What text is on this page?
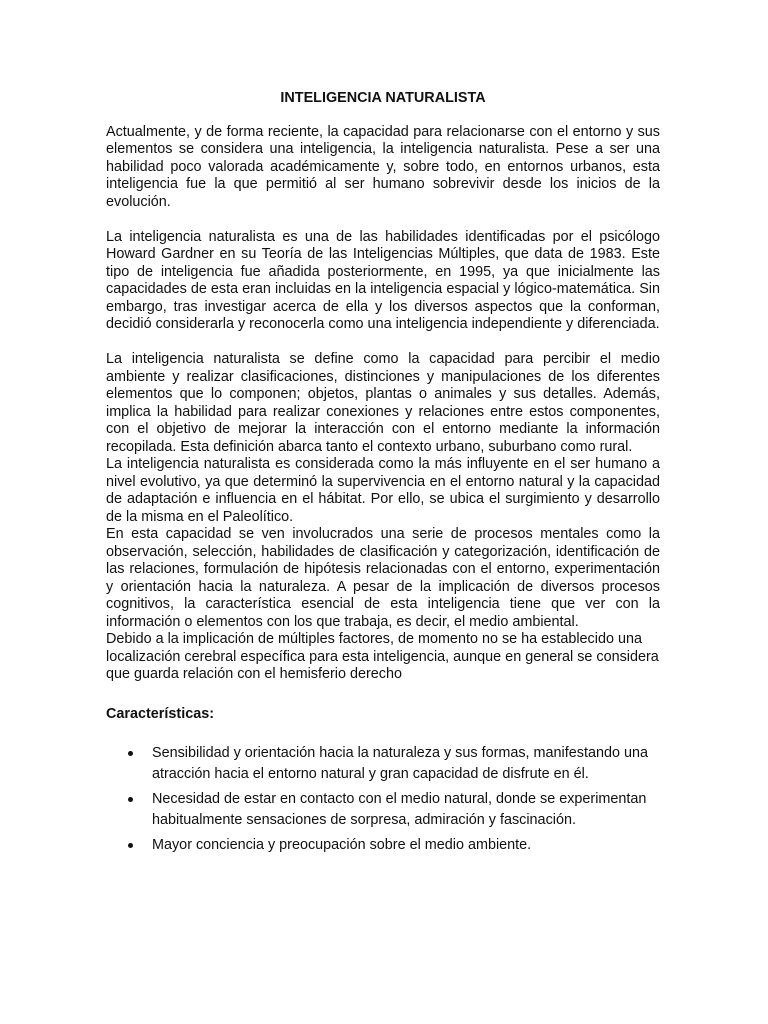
INTELIGENCIA NATURALISTA

Actualmente, y de forma reciente, la capacidad para relacionarse con el entorno y sus elementos se considera una inteligencia, la inteligencia naturalista. Pese a ser una habilidad poco valorada académicamente y, sobre todo, en entornos urbanos, esta inteligencia fue la que permitió al ser humano sobrevivir desde los inicios de la evolución.

La inteligencia naturalista es una de las habilidades identificadas por el psicólogo Howard Gardner en su Teoría de las Inteligencias Múltiples, que data de 1983. Este tipo de inteligencia fue añadida posteriormente, en 1995, ya que inicialmente las capacidades de esta eran incluidas en la inteligencia espacial y lógico-matemática. Sin embargo, tras investigar acerca de ella y los diversos aspectos que la conforman, decidió considerarla y reconocerla como una inteligencia independiente y diferenciada.

La inteligencia naturalista se define como la capacidad para percibir el medio ambiente y realizar clasificaciones, distinciones y manipulaciones de los diferentes elementos que lo componen; objetos, plantas o animales y sus detalles. Además, implica la habilidad para realizar conexiones y relaciones entre estos componentes, con el objetivo de mejorar la interacción con el entorno mediante la información recopilada. Esta definición abarca tanto el contexto urbano, suburbano como rural.

La inteligencia naturalista es considerada como la más influyente en el ser humano a nivel evolutivo, ya que determinó la supervivencia en el entorno natural y la capacidad de adaptación e influencia en el hábitat. Por ello, se ubica el surgimiento y desarrollo de la misma en el Paleolítico.

En esta capacidad se ven involucrados una serie de procesos mentales como la observación, selección, habilidades de clasificación y categorización, identificación de las relaciones, formulación de hipótesis relacionadas con el entorno, experimentación y orientación hacia la naturaleza. A pesar de la implicación de diversos procesos cognitivos, la característica esencial de esta inteligencia tiene que ver con la información o elementos con los que trabaja, es decir, el medio ambiental.

Debido a la implicación de múltiples factores, de momento no se ha establecido una localización cerebral específica para esta inteligencia, aunque en general se considera que guarda relación con el hemisferio derecho

Características:
Sensibilidad y orientación hacia la naturaleza y sus formas, manifestando una atracción hacia el entorno natural y gran capacidad de disfrute en él.
Necesidad de estar en contacto con el medio natural, donde se experimentan habitualmente sensaciones de sorpresa, admiración y fascinación.
Mayor conciencia y preocupación sobre el medio ambiente.
